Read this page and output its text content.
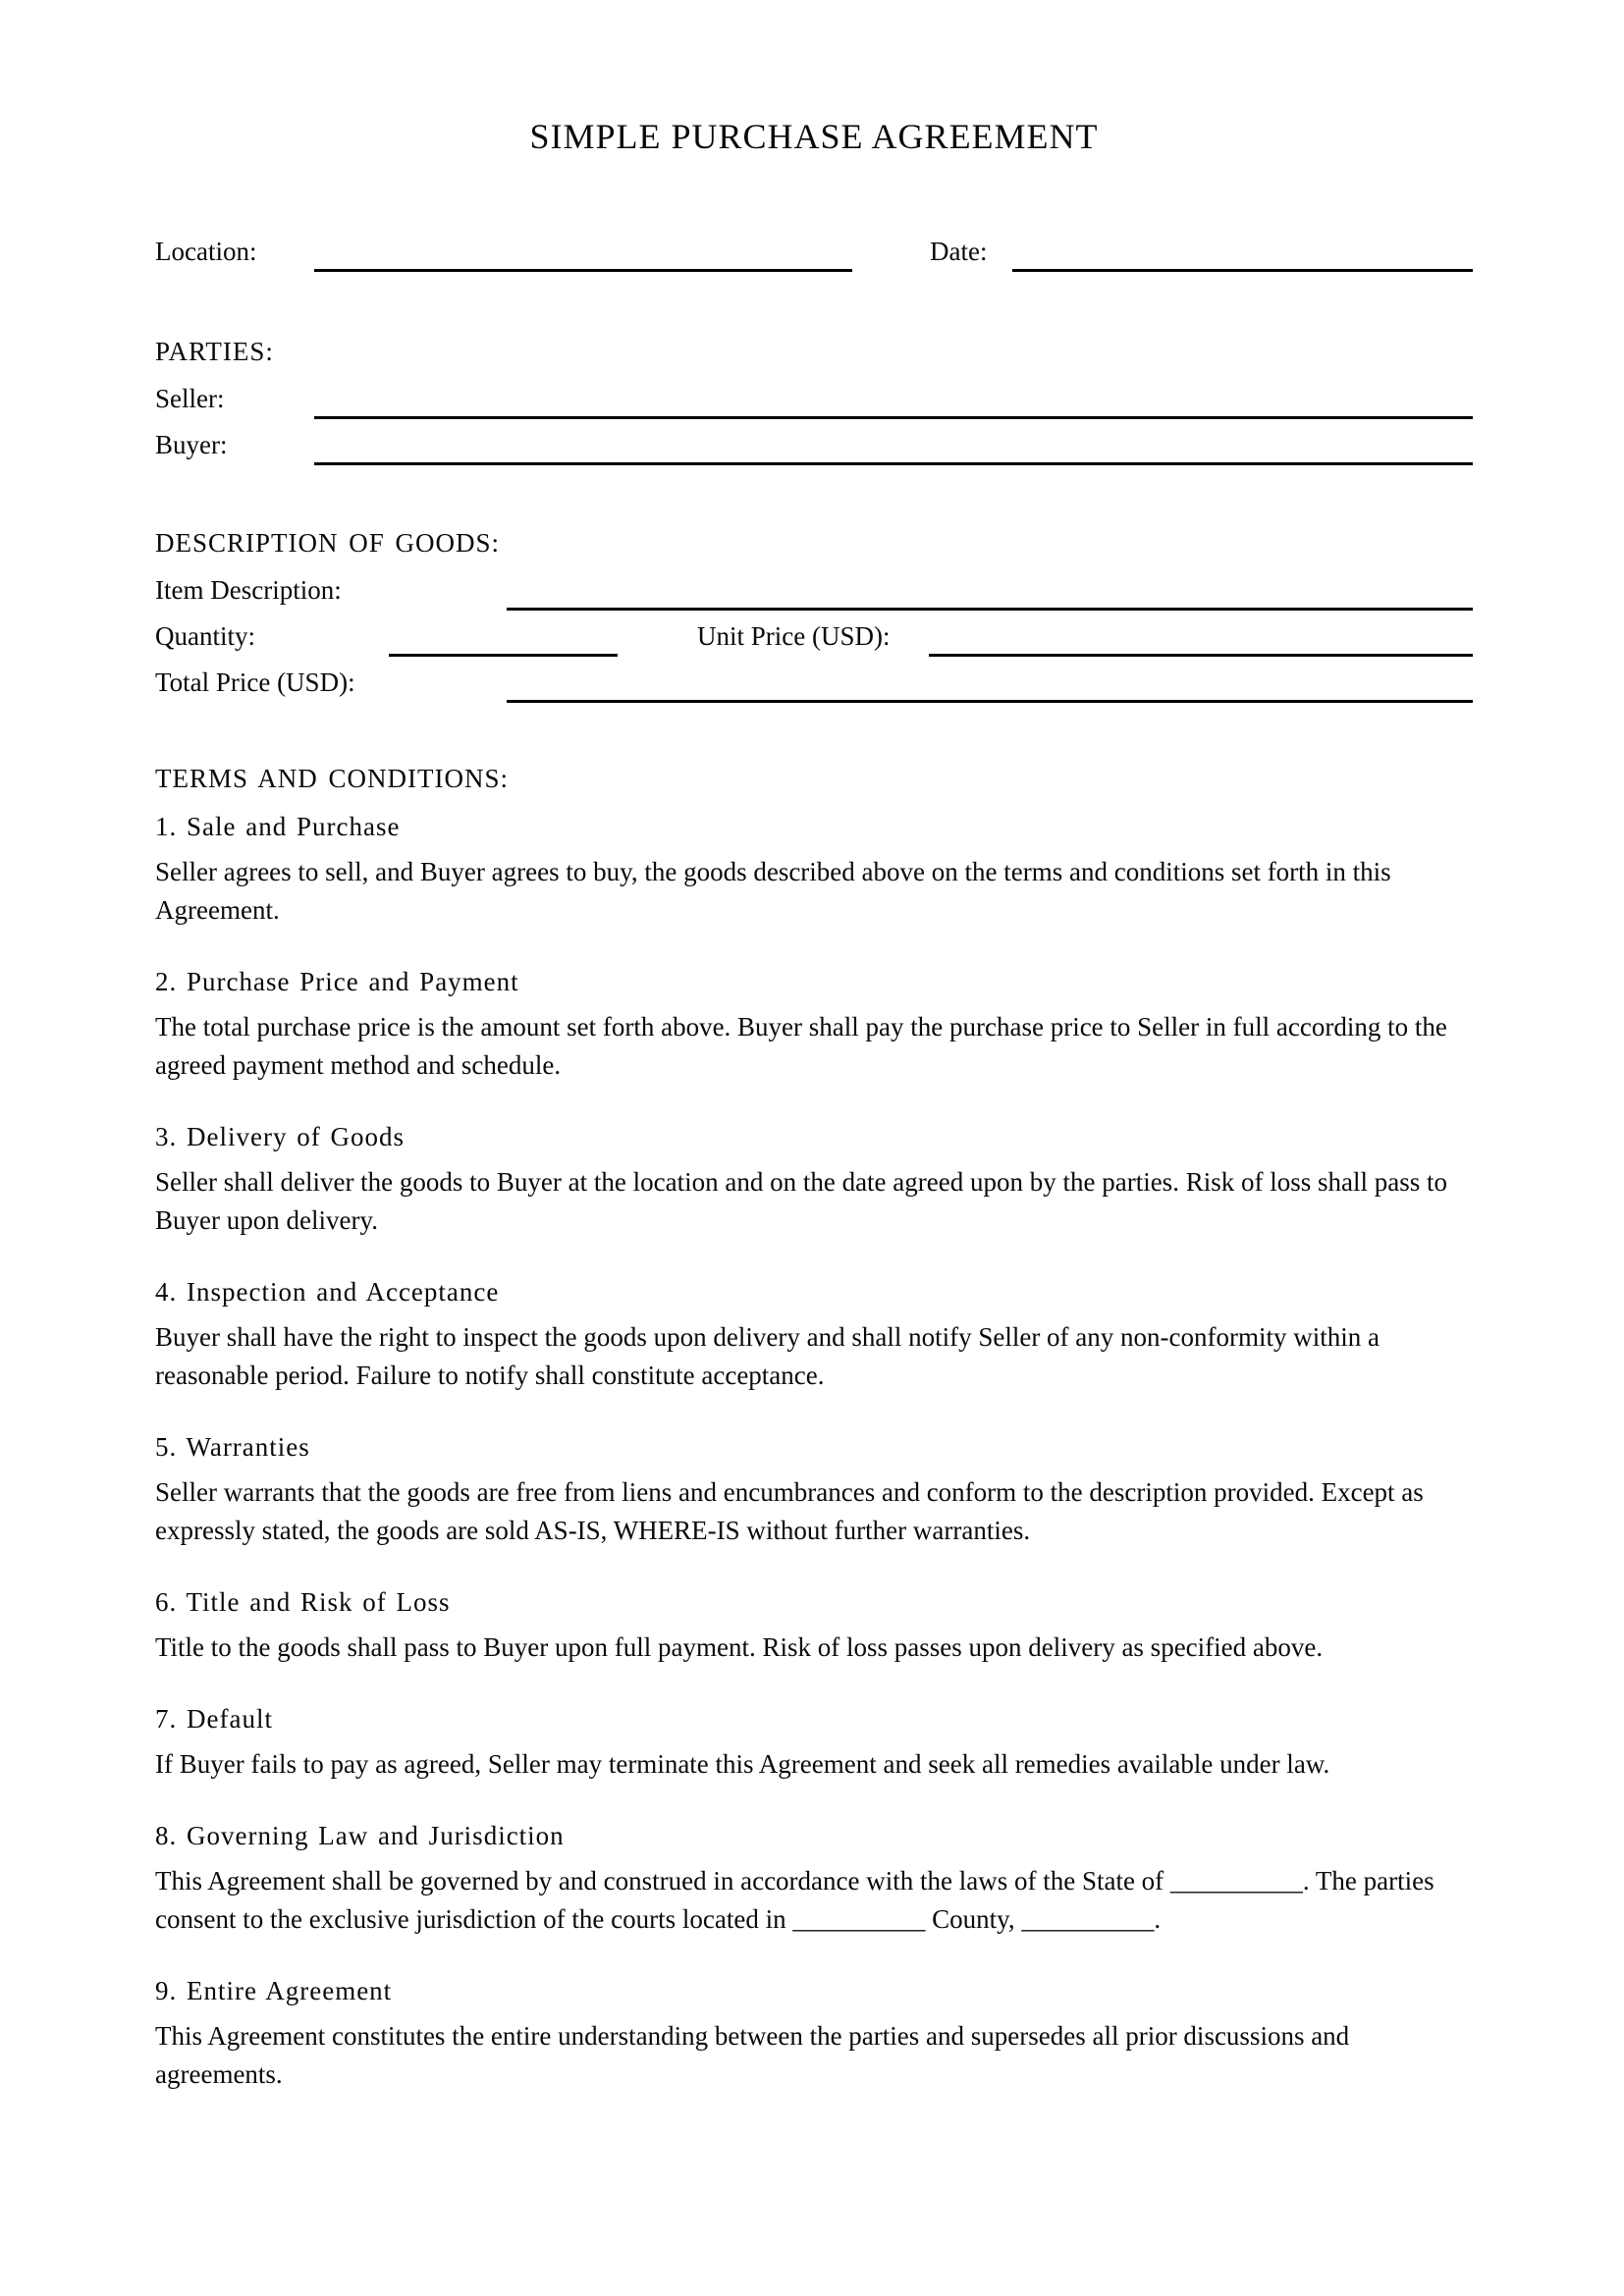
SIMPLE PURCHASE AGREEMENT
Location:	Date:
PARTIES:
Seller:
Buyer:
DESCRIPTION OF GOODS:
Item Description:
Quantity:	Unit Price (USD):
Total Price (USD):
TERMS AND CONDITIONS:
1. Sale and Purchase
Seller agrees to sell, and Buyer agrees to buy, the goods described above on the terms and conditions set forth in this Agreement.
2. Purchase Price and Payment
The total purchase price is the amount set forth above. Buyer shall pay the purchase price to Seller in full according to the agreed payment method and schedule.
3. Delivery of Goods
Seller shall deliver the goods to Buyer at the location and on the date agreed upon by the parties. Risk of loss shall pass to Buyer upon delivery.
4. Inspection and Acceptance
Buyer shall have the right to inspect the goods upon delivery and shall notify Seller of any non-conformity within a reasonable period. Failure to notify shall constitute acceptance.
5. Warranties
Seller warrants that the goods are free from liens and encumbrances and conform to the description provided. Except as expressly stated, the goods are sold AS-IS, WHERE-IS without further warranties.
6. Title and Risk of Loss
Title to the goods shall pass to Buyer upon full payment. Risk of loss passes upon delivery as specified above.
7. Default
If Buyer fails to pay as agreed, Seller may terminate this Agreement and seek all remedies available under law.
8. Governing Law and Jurisdiction
This Agreement shall be governed by and construed in accordance with the laws of the State of __________. The parties consent to the exclusive jurisdiction of the courts located in __________ County, __________.
9. Entire Agreement
This Agreement constitutes the entire understanding between the parties and supersedes all prior discussions and agreements.
